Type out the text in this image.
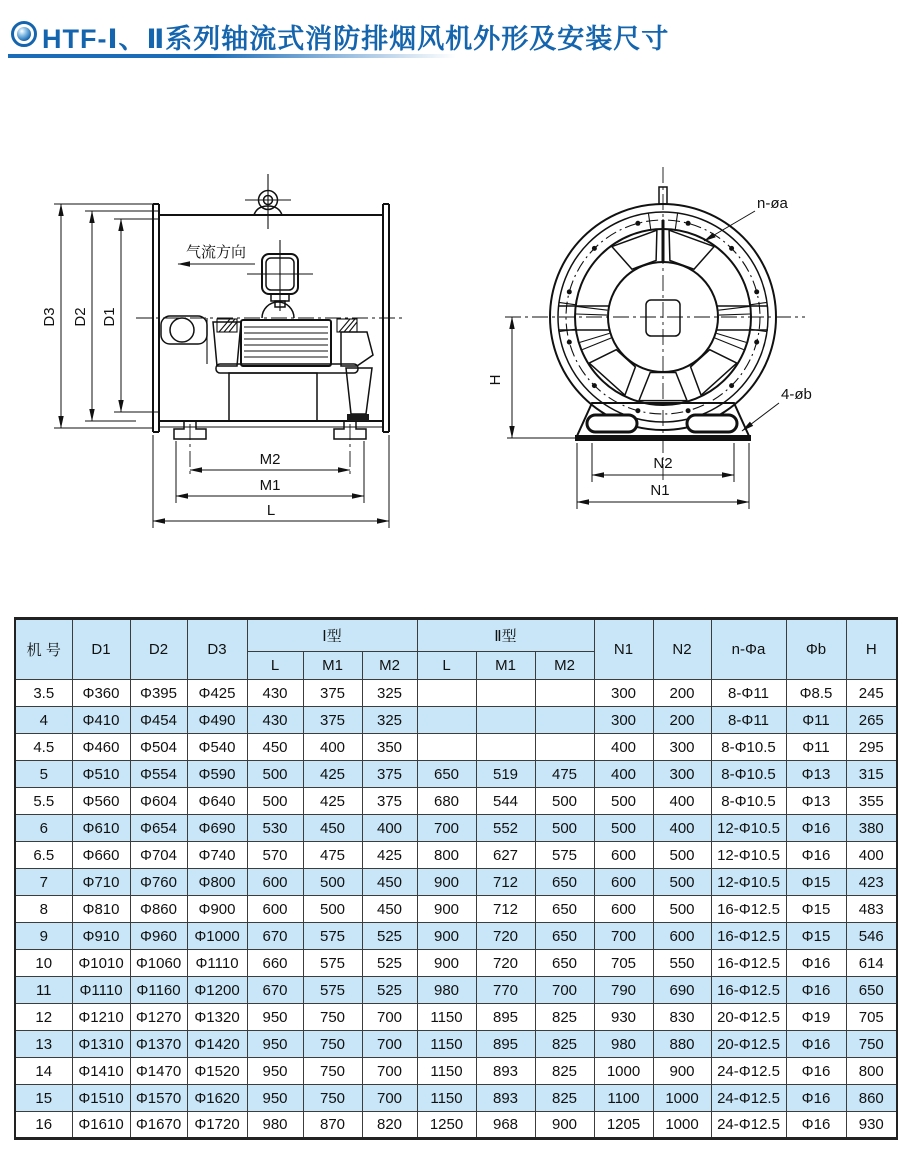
HTF-Ⅰ、Ⅱ系列轴流式消防排烟风机外形及安装尺寸
气流方向
D3 D2 D1
M2
M1
L
n-øa
4-øb
H
N2
N1
机 号	D1	D2	D3	Ⅰ型			Ⅱ型			N1	N2	n-Φa	Φb	H
				L	M1	M2	L	M1	M2					
3.5	Φ360	Φ395	Φ425	430	375	325				300	200	8-Φ11	Φ8.5	245
4	Φ410	Φ454	Φ490	430	375	325				300	200	8-Φ11	Φ11	265
4.5	Φ460	Φ504	Φ540	450	400	350				400	300	8-Φ10.5	Φ11	295
5	Φ510	Φ554	Φ590	500	425	375	650	519	475	400	300	8-Φ10.5	Φ13	315
5.5	Φ560	Φ604	Φ640	500	425	375	680	544	500	500	400	8-Φ10.5	Φ13	355
6	Φ610	Φ654	Φ690	530	450	400	700	552	500	500	400	12-Φ10.5	Φ16	380
6.5	Φ660	Φ704	Φ740	570	475	425	800	627	575	600	500	12-Φ10.5	Φ16	400
7	Φ710	Φ760	Φ800	600	500	450	900	712	650	600	500	12-Φ10.5	Φ15	423
8	Φ810	Φ860	Φ900	600	500	450	900	712	650	600	500	16-Φ12.5	Φ15	483
9	Φ910	Φ960	Φ1000	670	575	525	900	720	650	700	600	16-Φ12.5	Φ15	546
10	Φ1010	Φ1060	Φ1110	660	575	525	900	720	650	705	550	16-Φ12.5	Φ16	614
11	Φ1110	Φ1160	Φ1200	670	575	525	980	770	700	790	690	16-Φ12.5	Φ16	650
12	Φ1210	Φ1270	Φ1320	950	750	700	1150	895	825	930	830	20-Φ12.5	Φ19	705
13	Φ1310	Φ1370	Φ1420	950	750	700	1150	895	825	980	880	20-Φ12.5	Φ16	750
14	Φ1410	Φ1470	Φ1520	950	750	700	1150	893	825	1000	900	24-Φ12.5	Φ16	800
15	Φ1510	Φ1570	Φ1620	950	750	700	1150	893	825	1100	1000	24-Φ12.5	Φ16	860
16	Φ1610	Φ1670	Φ1720	980	870	820	1250	968	900	1205	1000	24-Φ12.5	Φ16	930
